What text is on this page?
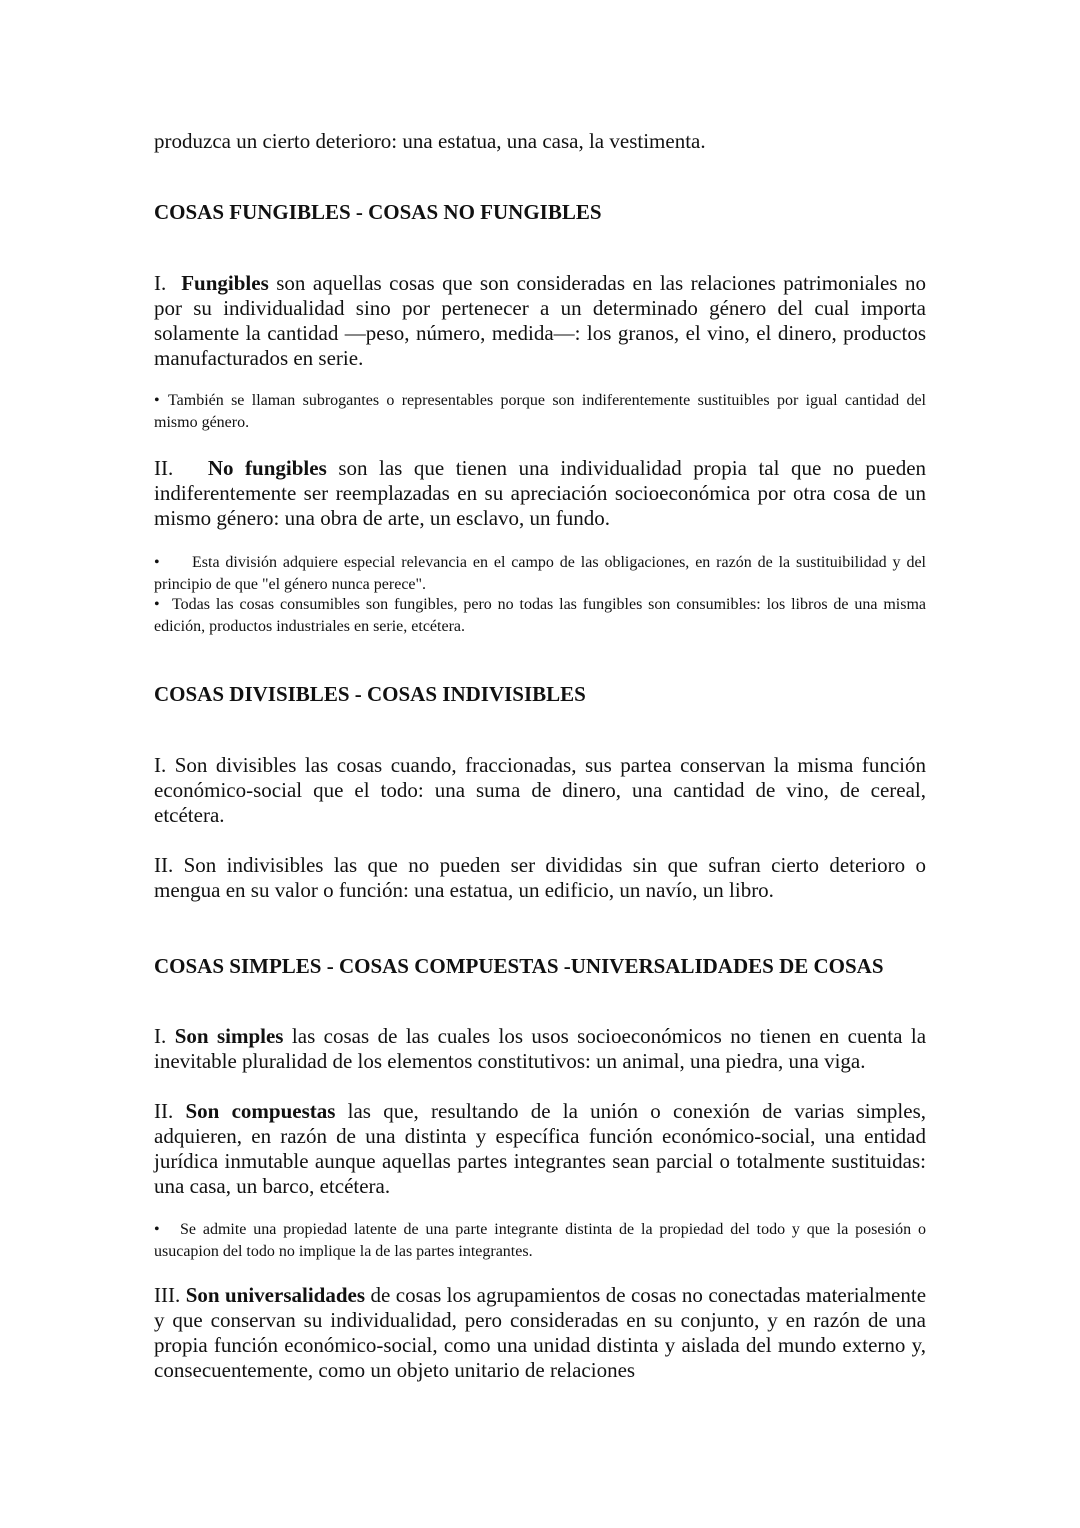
produzca un cierto deterioro: una estatua, una casa, la vestimenta.

COSAS FUNGIBLES - COSAS NO FUNGIBLES

I. Fungibles son aquellas cosas que son consideradas en las relaciones patrimoniales no por su individualidad sino por pertenecer a un determinado género del cual importa solamente la cantidad —peso, número, medida—: los granos, el vino, el dinero, productos manufacturados en serie.

• También se llaman subrogantes o representables porque son indiferentemente sustituibles por igual cantidad del mismo género.

II. No fungibles son las que tienen una individualidad propia tal que no pueden indiferentemente ser reemplazadas en su apreciación socioeconómica por otra cosa de un mismo género: una obra de arte, un esclavo, un fundo.

• Esta división adquiere especial relevancia en el campo de las obligaciones, en razón de la sustituibilidad y del principio de que "el género nunca perece".

• Todas las cosas consumibles son fungibles, pero no todas las fungibles son consumibles: los libros de una misma edición, productos industriales en serie, etcétera.

COSAS DIVISIBLES - COSAS INDIVISIBLES

I. Son divisibles las cosas cuando, fraccionadas, sus partea conservan la misma función económico-social que el todo: una suma de dinero, una cantidad de vino, de cereal, etcétera.

II. Son indivisibles las que no pueden ser divididas sin que sufran cierto deterioro o mengua en su valor o función: una estatua, un edificio, un navío, un libro.

COSAS SIMPLES - COSAS COMPUESTAS -UNIVERSALIDADES DE COSAS

I. Son simples las cosas de las cuales los usos socioeconómicos no tienen en cuenta la inevitable pluralidad de los elementos constitutivos: un animal, una piedra, una viga.

II. Son compuestas las que, resultando de la unión o conexión de varias simples, adquieren, en razón de una distinta y específica función económico-social, una entidad jurídica inmutable aunque aquellas partes integrantes sean parcial o totalmente sustituidas: una casa, un barco, etcétera.

• Se admite una propiedad latente de una parte integrante distinta de la propiedad del todo y que la posesión o usucapion del todo no implique la de las partes integrantes.

III. Son universalidades de cosas los agrupamientos de cosas no conectadas materialmente y que conservan su individualidad, pero consideradas en su conjunto, y en razón de una propia función económico-social, como una unidad distinta y aislada del mundo externo y, consecuentemente, como un objeto unitario de relaciones
